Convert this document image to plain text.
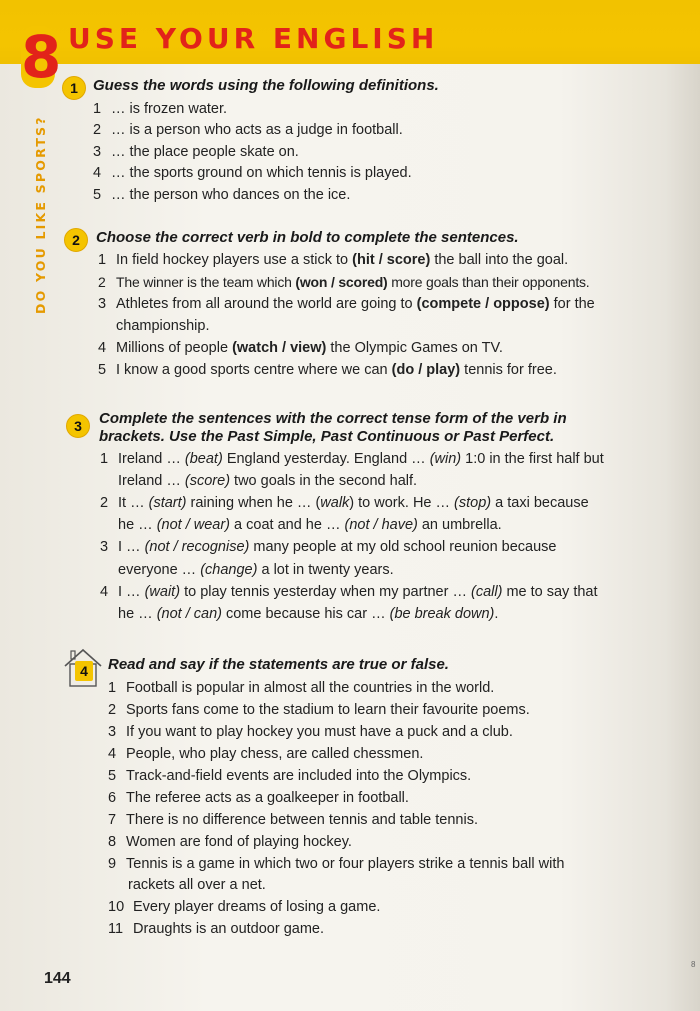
8 USE YOUR ENGLISH
DO YOU LIKE SPORTS?
1	Guess the words using the following definitions.
1 … is frozen water.
2 … is a person who acts as a judge in football.
3 … the place people skate on.
4 … the sports ground on which tennis is played.
5 … the person who dances on the ice.
2	Choose the correct verb in bold to complete the sentences.
1 In field hockey players use a stick to (hit / score) the ball into the goal.
2 The winner is the team which (won / scored) more goals than their opponents.
3 Athletes from all around the world are going to (compete / oppose) for the
championship.
4 Millions of people (watch / view) the Olympic Games on TV.
5 I know a good sports centre where we can (do / play) tennis for free.
3	Complete the sentences with the correct tense form of the verb in
brackets. Use the Past Simple, Past Continuous or Past Perfect.
1 Ireland … (beat) England yesterday. England … (win) 1:0 in the first half but
Ireland … (score) two goals in the second half.
2 It … (start) raining when he … (walk) to work. He … (stop) a taxi because
he … (not / wear) a coat and he … (not / have) an umbrella.
3 I … (not / recognise) many people at my old school reunion because
everyone … (change) a lot in twenty years.
4 I … (wait) to play tennis yesterday when my partner … (call) me to say that
he … (not / can) come because his car … (be break down).
4	Read and say if the statements are true or false.
1 Football is popular in almost all the countries in the world.
2 Sports fans come to the stadium to learn their favourite poems.
3 If you want to play hockey you must have a puck and a club.
4 People, who play chess, are called chessmen.
5 Track-and-field events are included into the Olympics.
6 The referee acts as a goalkeeper in football.
7 There is no difference between tennis and table tennis.
8 Women are fond of playing hockey.
9 Tennis is a game in which two or four players strike a tennis ball with
rackets all over a net.
10 Every player dreams of losing a game.
11 Draughts is an outdoor game.
144
8
